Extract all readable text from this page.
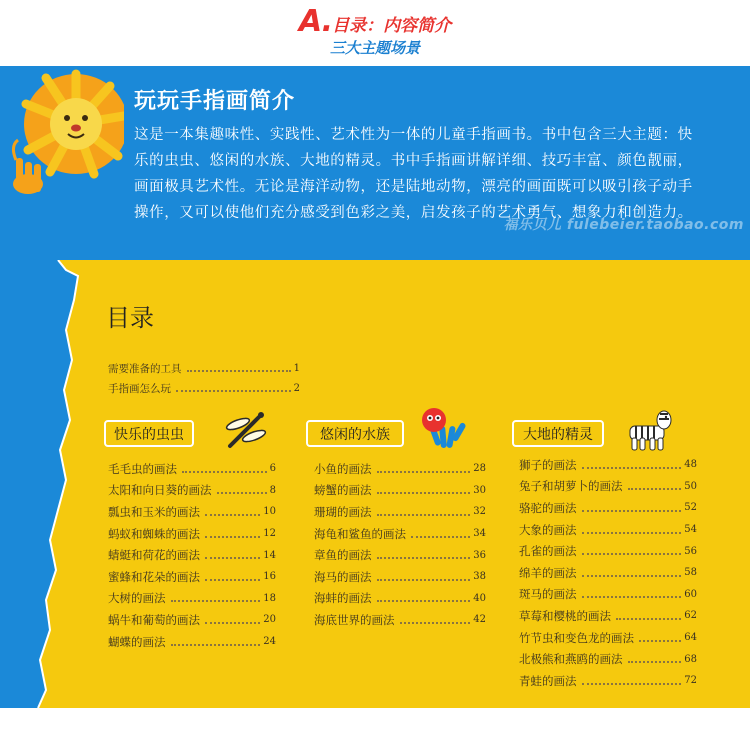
A.目录：内容简介
三大主题场景
玩玩手指画简介
这是一本集趣味性、实践性、艺术性为一体的儿童手指画书。书中包含三大主题：快乐的虫虫、悠闲的水族、大地的精灵。书中手指画讲解详细、技巧丰富、颜色靓丽，画面极具艺术性。无论是海洋动物，还是陆地动物，漂亮的画面既可以吸引孩子动手操作，又可以使他们充分感受到色彩之美，启发孩子的艺术勇气、想象力和创造力。
福乐贝儿 fulebeier.taobao.com
目录
需要准备的工具	1
手指画怎么玩	2
快乐的虫虫	悠闲的水族	大地的精灵
毛毛虫的画法	6
太阳和向日葵的画法	8
瓢虫和玉米的画法	10
蚂蚁和蜘蛛的画法	12
蜻蜓和荷花的画法	14
蜜蜂和花朵的画法	16
大树的画法	18
蜗牛和葡萄的画法	20
蝴蝶的画法	24
小鱼的画法	28
螃蟹的画法	30
珊瑚的画法	32
海龟和鲨鱼的画法	34
章鱼的画法	36
海马的画法	38
海蚌的画法	40
海底世界的画法	42
狮子的画法	48
兔子和胡萝卜的画法	50
骆驼的画法	52
大象的画法	54
孔雀的画法	56
绵羊的画法	58
斑马的画法	60
草莓和樱桃的画法	62
竹节虫和变色龙的画法	64
北极熊和燕鸥的画法	68
青蛙的画法	72
